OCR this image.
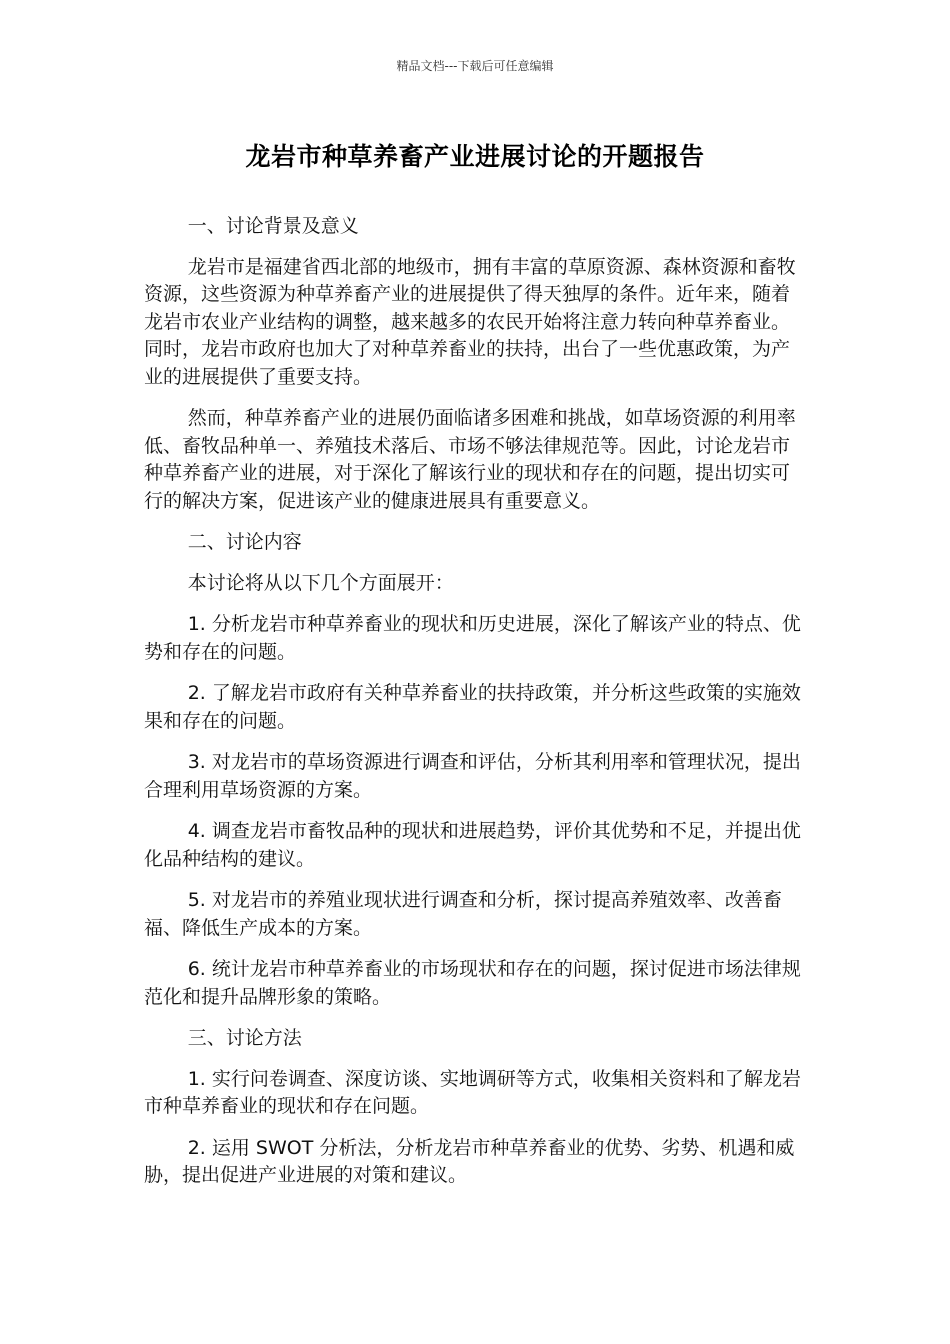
精品文档---下载后可任意编辑
龙岩市种草养畜产业进展讨论的开题报告

一、讨论背景及意义

龙岩市是福建省西北部的地级市，拥有丰富的草原资源、森林资源和畜牧资源，这些资源为种草养畜产业的进展提供了得天独厚的条件。近年来，随着龙岩市农业产业结构的调整，越来越多的农民开始将注意力转向种草养畜业。同时，龙岩市政府也加大了对种草养畜业的扶持，出台了一些优惠政策，为产业的进展提供了重要支持。

然而，种草养畜产业的进展仍面临诸多困难和挑战，如草场资源的利用率低、畜牧品种单一、养殖技术落后、市场不够法律规范等。因此，讨论龙岩市种草养畜产业的进展，对于深化了解该行业的现状和存在的问题，提出切实可行的解决方案，促进该产业的健康进展具有重要意义。

二、讨论内容

本讨论将从以下几个方面展开：

1. 分析龙岩市种草养畜业的现状和历史进展，深化了解该产业的特点、优势和存在的问题。

2. 了解龙岩市政府有关种草养畜业的扶持政策，并分析这些政策的实施效果和存在的问题。

3. 对龙岩市的草场资源进行调查和评估，分析其利用率和管理状况，提出合理利用草场资源的方案。

4. 调查龙岩市畜牧品种的现状和进展趋势，评价其优势和不足，并提出优化品种结构的建议。

5. 对龙岩市的养殖业现状进行调查和分析，探讨提高养殖效率、改善畜福、降低生产成本的方案。

6. 统计龙岩市种草养畜业的市场现状和存在的问题，探讨促进市场法律规范化和提升品牌形象的策略。

三、讨论方法

1. 实行问卷调查、深度访谈、实地调研等方式，收集相关资料和了解龙岩市种草养畜业的现状和存在问题。

2. 运用 SWOT 分析法，分析龙岩市种草养畜业的优势、劣势、机遇和威胁，提出促进产业进展的对策和建议。
